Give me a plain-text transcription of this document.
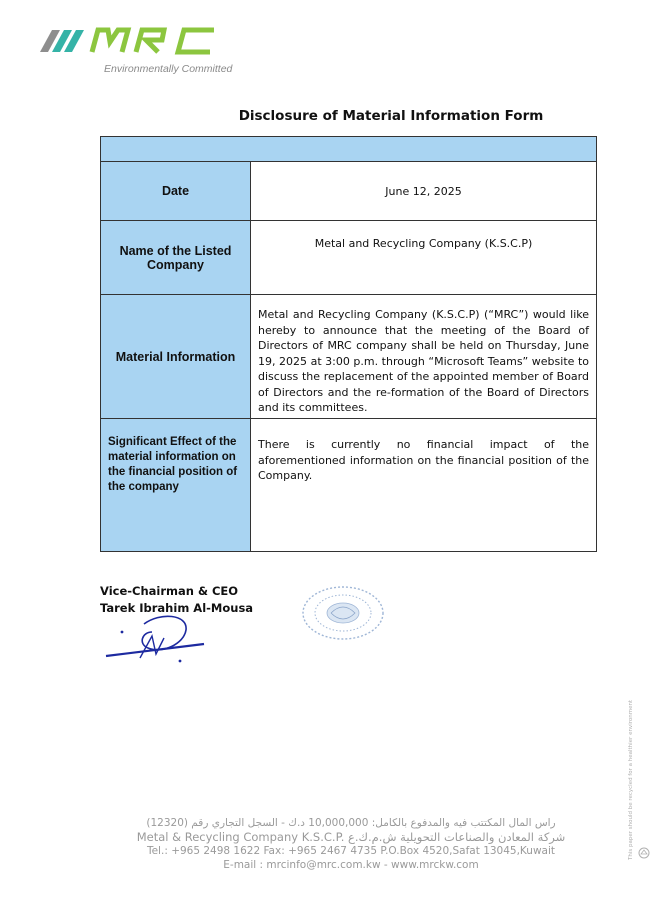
Environmentally Committed
Disclosure of Material Information Form
Date	June 12, 2025
Name of the Listed Company
Metal and Recycling Company (K.S.C.P)
Material Information
Metal and Recycling Company (K.S.C.P) (“MRC”) would like hereby to announce that the meeting of the Board of Directors of MRC company shall be held on Thursday, June 19, 2025 at 3:00 p.m. through “Microsoft Teams” website to discuss the replacement of the appointed member of Board of Directors and the re-formation of the Board of Directors and its committees.
Significant Effect of the material information on the financial position of the company
There is currently no financial impact of the aforementioned information on the financial position of the Company.
Vice-Chairman & CEO
Tarek Ibrahim Al-Mousa
راس المال المكتتب فيه والمدفوع بالكامل: 10,000,000 د.ك - السجل التجاري رقم (12320)
Metal & Recycling Company K.S.C.P. شركة المعادن والصناعات التحويلية ش.م.ك.ع
Tel.: +965 2498 1622 Fax: +965 2467 4735 P.O.Box 4520,Safat 13045,Kuwait
E-mail : mrcinfo@mrc.com.kw - www.mrckw.com
This paper should be recycled for a healthier environment
